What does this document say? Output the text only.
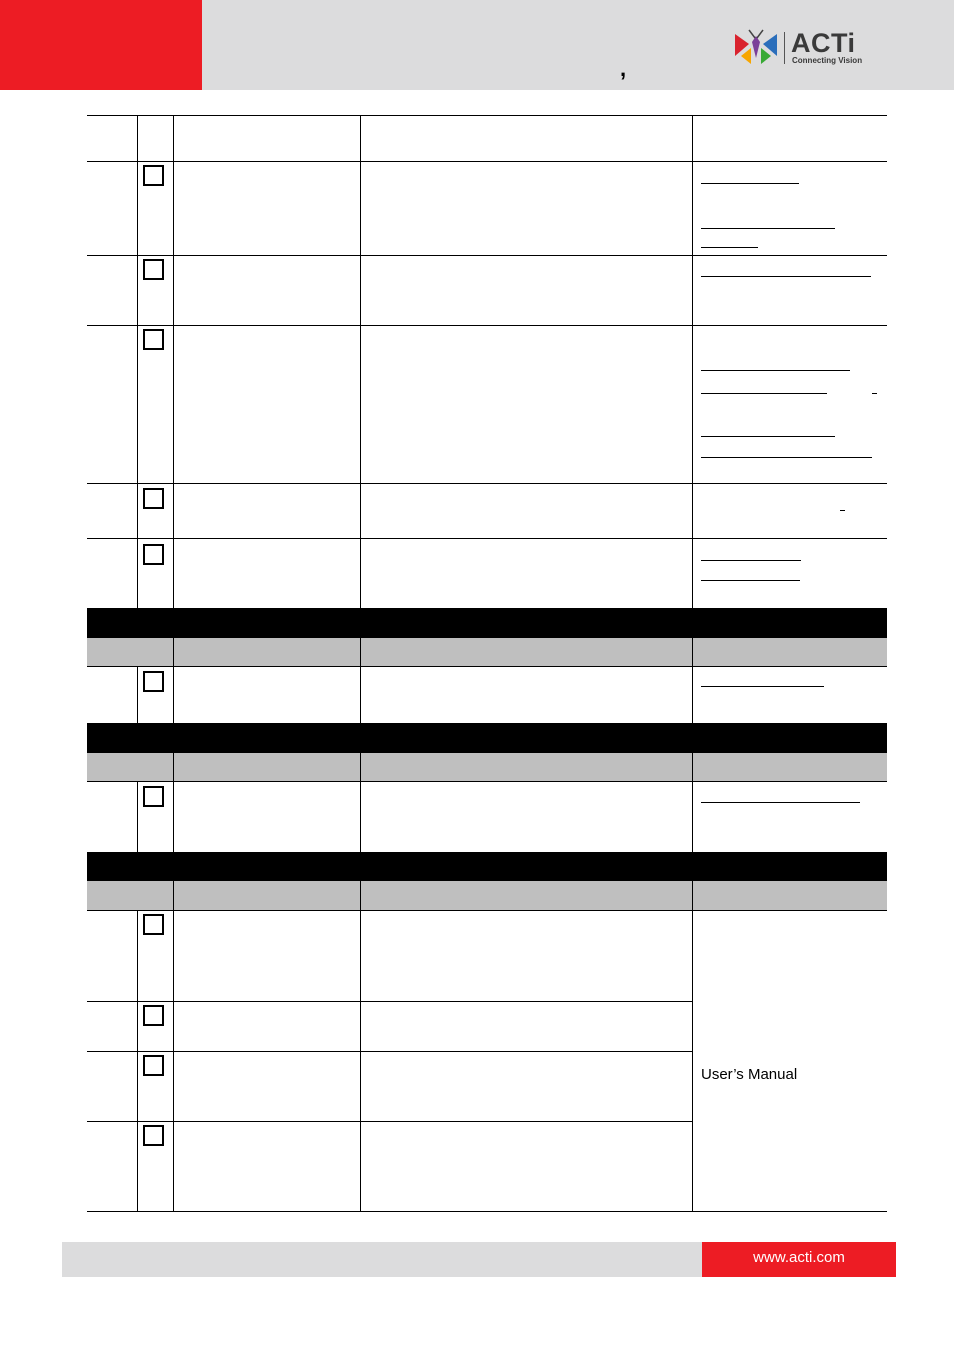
,
ACTi
Connecting Vision
User’s Manual
www.acti.com
